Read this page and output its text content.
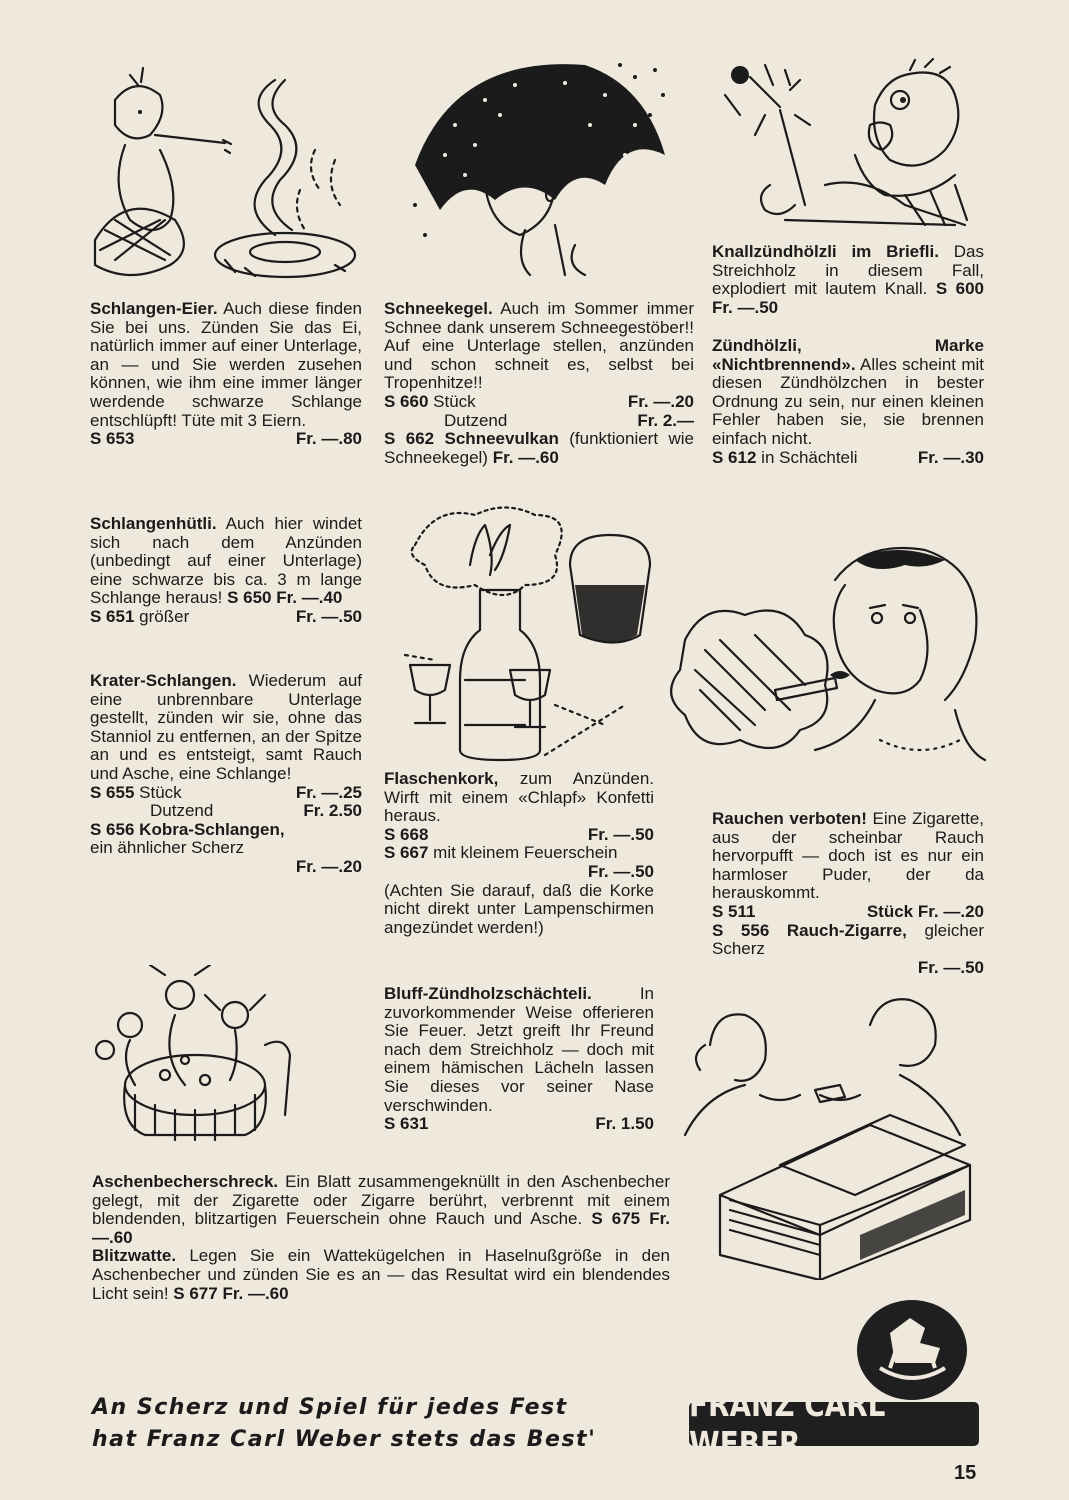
Schlangen-Eier. Auch diese finden Sie bei uns. Zünden Sie das Ei, natürlich immer auf einer Unterlage, an — und Sie werden zusehen können, wie ihm eine immer länger werdende schwarze Schlange entschlüpft! Tüte mit 3 Eiern.

S 653	Fr. —.80

Schlangenhütli. Auch hier windet sich nach dem Anzünden (unbedingt auf einer Unterlage) eine schwarze bis ca. 3 m lange Schlange heraus! S 650 Fr. —.40

S 651 größer	Fr. —.50

Krater-Schlangen. Wiederum auf eine unbrennbare Unterlage gestellt, zünden wir sie, ohne das Stanniol zu entfernen, an der Spitze an und es entsteigt, samt Rauch und Asche, eine Schlange!

S 655 Stück	Fr. —.25
Dutzend	Fr. 2.50

S 656 Kobra-Schlangen,

ein ähnlicher Scherz

Fr. —.20

Schneekegel. Auch im Sommer immer Schnee dank unserem Schneegestöber!! Auf eine Unterlage stellen, anzünden und schon schneit es, selbst bei Tropenhitze!!

S 660 Stück	Fr. —.20
Dutzend	Fr. 2.—

S 662 Schneevulkan (funktioniert wie Schneekegel) Fr. —.60

Flaschenkork, zum Anzünden. Wirft mit einem «Chlapf» Konfetti heraus.

S 668	Fr. —.50

S 667 mit kleinem Feuerschein

Fr. —.50

(Achten Sie darauf, daß die Korke nicht direkt unter Lampenschirmen angezündet werden!)

Bluff-Zündholzschächteli. In zuvorkommender Weise offerieren Sie Feuer. Jetzt greift Ihr Freund nach dem Streichholz — doch mit einem hämischen Lächeln lassen Sie dieses vor seiner Nase verschwinden.

S 631	Fr. 1.50

Knallzündhölzli im Briefli. Das Streichholz in diesem Fall, explodiert mit lautem Knall. S 600 Fr. —.50

Zündhölzli, Marke «Nichtbrennend». Alles scheint mit diesen Zündhölzchen in bester Ordnung zu sein, nur einen kleinen Fehler haben sie, sie brennen einfach nicht.

S 612 in Schächteli	Fr. —.30

Rauchen verboten! Eine Zigarette, aus der scheinbar Rauch hervorpufft — doch ist es nur ein harmloser Puder, der da herauskommt.

S 511	Stück Fr. —.20

S 556 Rauch-Zigarre, gleicher Scherz

Fr. —.50

Aschenbecherschreck. Ein Blatt zusammengeknüllt in den Aschenbecher gelegt, mit der Zigarette oder Zigarre berührt, verbrennt mit einem blendenden, blitzartigen Feuerschein ohne Rauch und Asche. S 675 Fr. —.60

Blitzwatte. Legen Sie ein Wattekügelchen in Haselnußgröße in den Aschenbecher und zünden Sie es an — das Resultat wird ein blendendes Licht sein! S 677 Fr. —.60

An Scherz und Spiel für jedes Fest
hat Franz Carl Weber stets das Best'
FRANZ CARL WEBER
15
